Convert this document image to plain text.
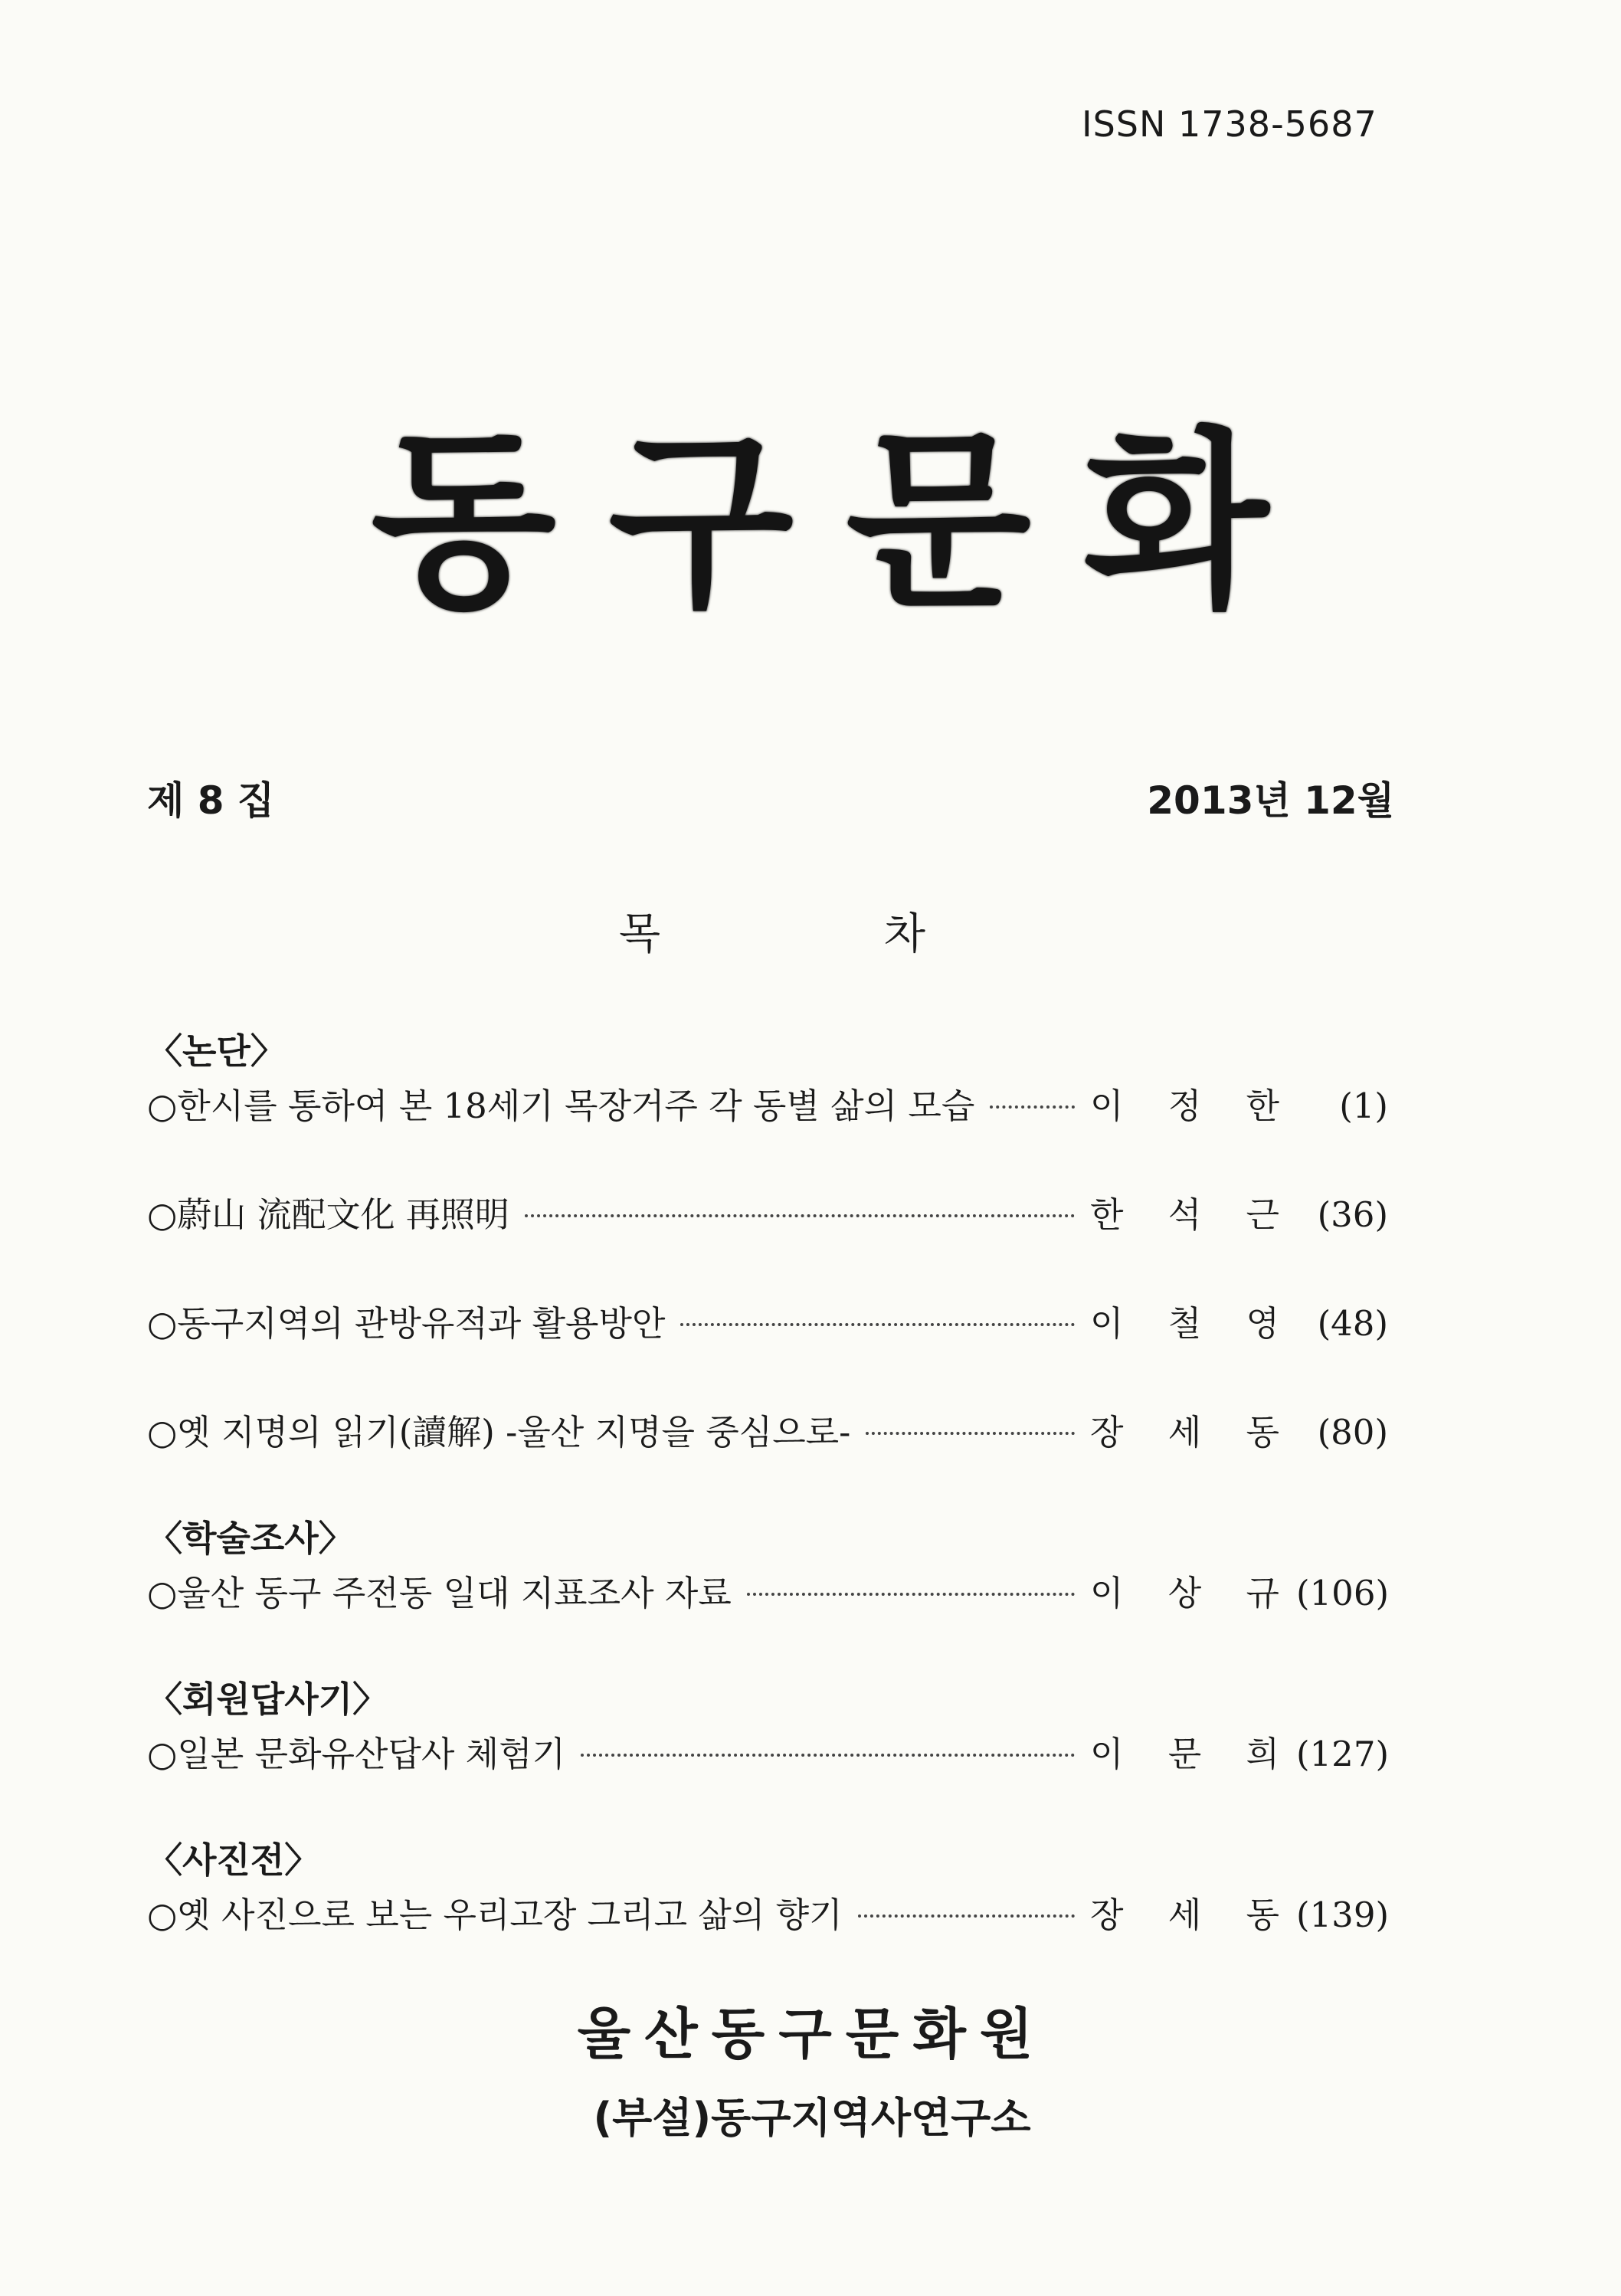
ISSN 1738-5687
동 구 문 화
제 8 집	2013년 12월
목	차
〈논단〉
○한시를 통하여 본 18세기 목장거주 각 동별 삶의 모습	이 정 한	(1)
○蔚山 流配文化 再照明	한 석 근 (36)
○동구지역의 관방유적과 활용방안	이 철 영 (48)
○옛 지명의 읽기(讀解) -울산 지명을 중심으로-	장 세 동 (80)
〈학술조사〉
○울산 동구 주전동 일대 지표조사 자료	이 상 규 (106)
〈회원답사기〉
○일본 문화유산답사 체험기	이 문 희 (127)
〈사진전〉
○옛 사진으로 보는 우리고장 그리고 삶의 향기	장 세 동 (139)
울산동구문화원
(부설)동구지역사연구소
